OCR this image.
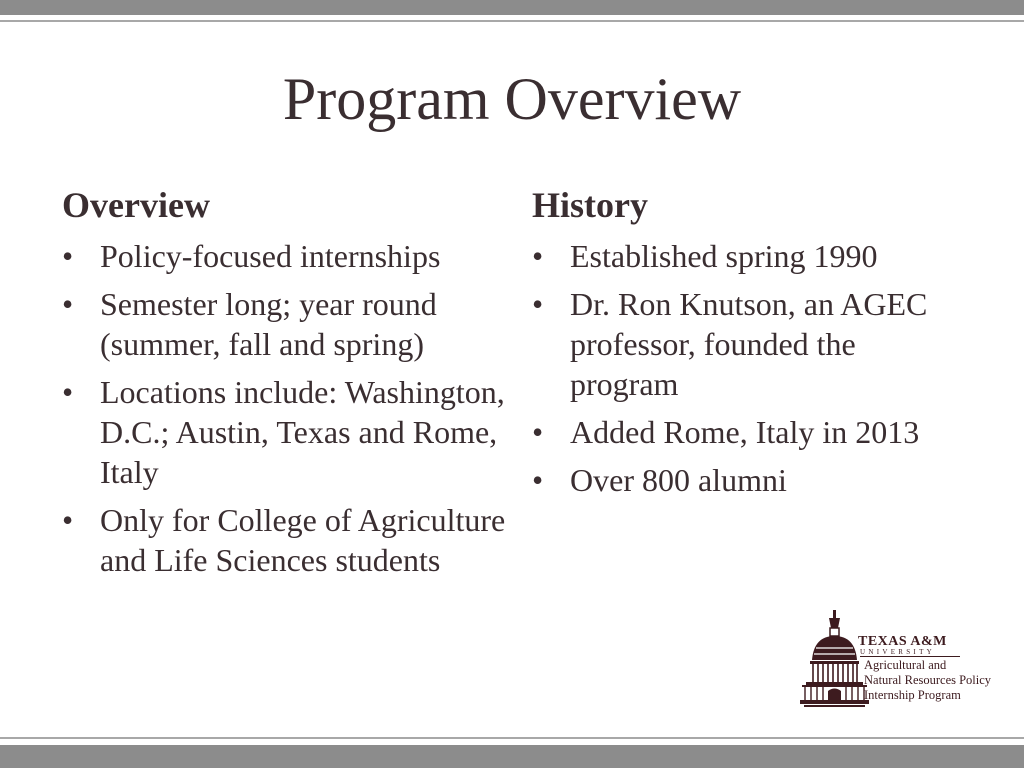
Program Overview
Overview
• Policy-focused internships
• Semester long; year round (summer, fall and spring)
• Locations include: Washington, D.C.; Austin, Texas and Rome, Italy
• Only for College of Agriculture and Life Sciences students
History
• Established spring 1990
• Dr. Ron Knutson, an AGEC professor, founded the program
• Added Rome, Italy in 2013
• Over 800 alumni
TEXAS A&M
UNIVERSITY
Agricultural and
Natural Resources Policy
Internship Program
